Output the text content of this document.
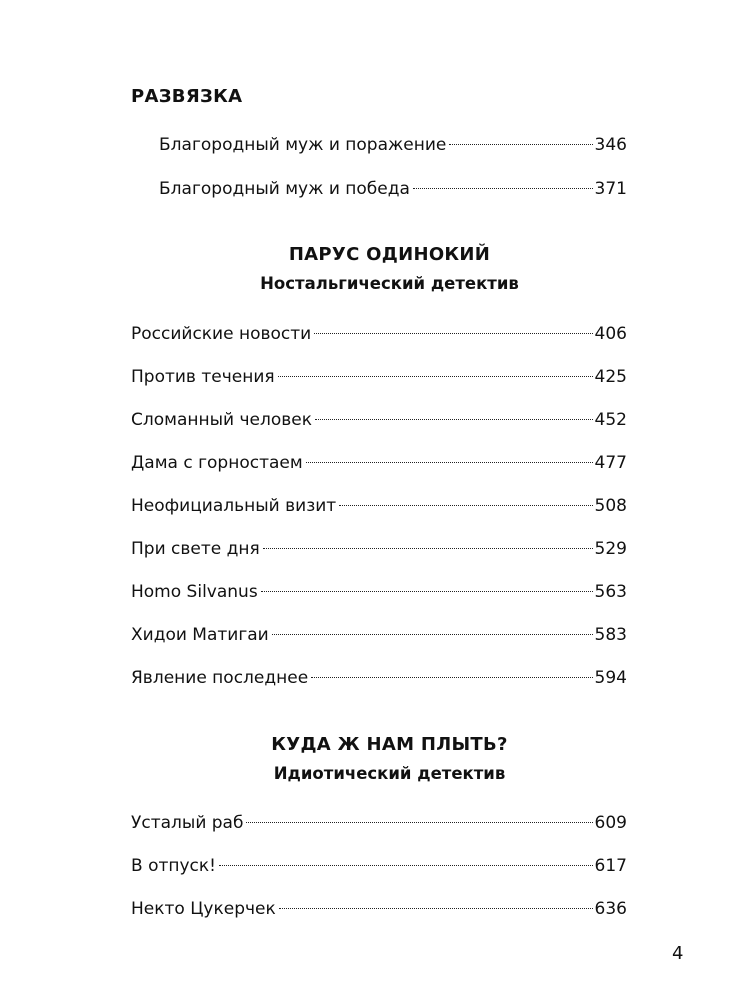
РАЗВЯЗКА
Благородный муж и поражение	346
Благородный муж и победа	371
ПАРУС ОДИНОКИЙ
Ностальгический детектив
Российские новости	406
Против течения	425
Сломанный человек	452
Дама с горностаем	477
Неофициальный визит	508
При свете дня	529
Homo Silvanus	563
Хидои Матигаи	583
Явление последнее	594
КУДА Ж НАМ ПЛЫТЬ?
Идиотический детектив
Усталый раб	609
В отпуск!	617
Некто Цукерчек	636
4
